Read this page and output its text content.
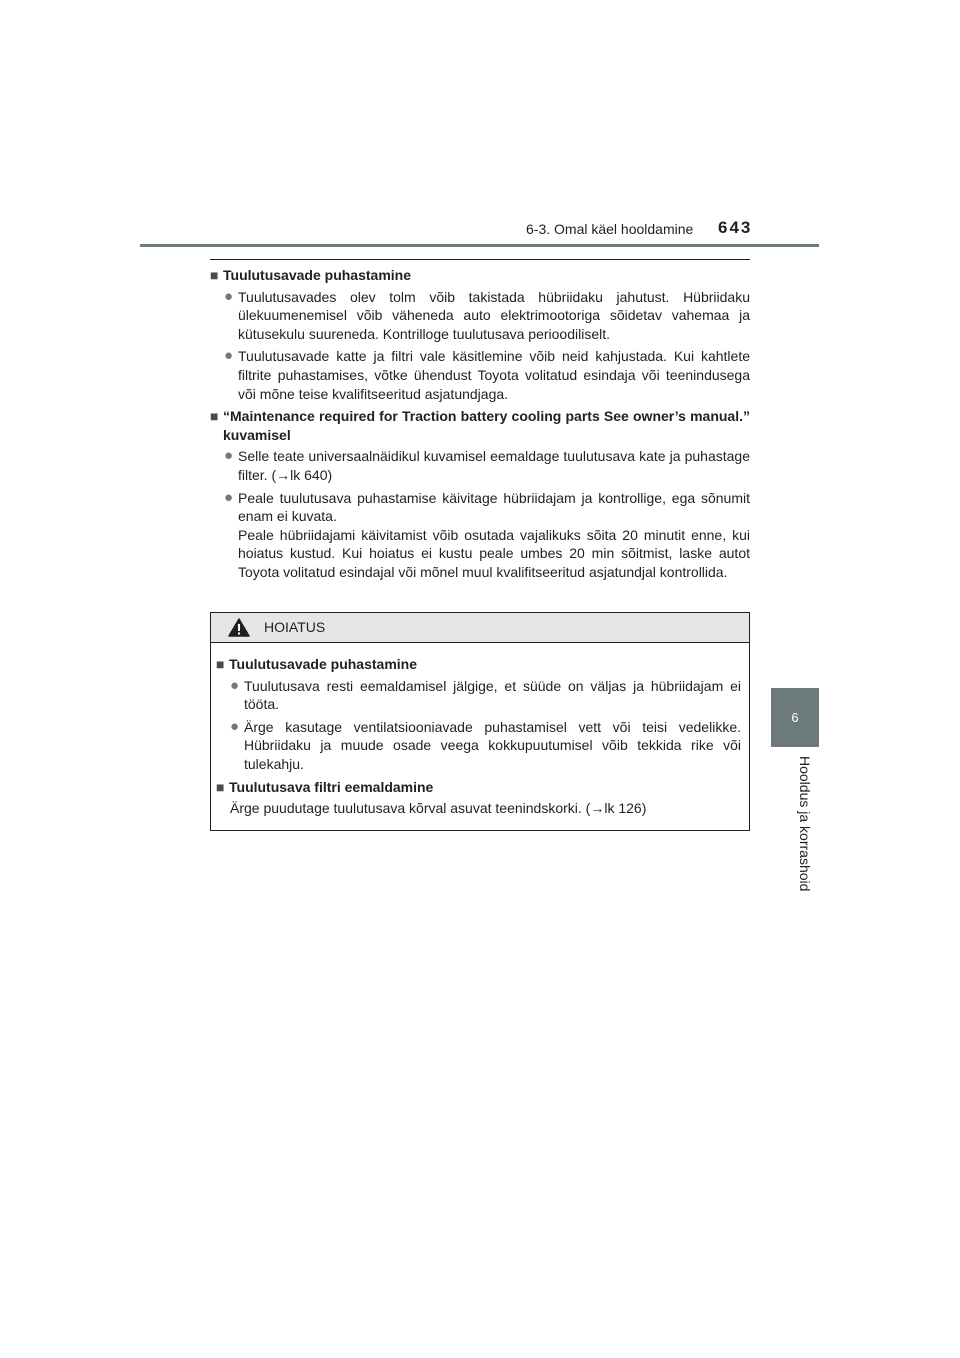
6-3. Omal käel hooldamine 643
6
Hooldus ja korrashoid
■ Tuulutusavade puhastamine
● Tuulutusavades olev tolm võib takistada hübriidaku jahutust. Hübriidaku ülekuumenemisel võib väheneda auto elektrimootoriga sõidetav vahemaa ja kütusekulu suureneda. Kontrilloge tuulutusava perioodiliselt.

● Tuulutusavade katte ja filtri vale käsitlemine võib neid kahjustada. Kui kahtlete filtrite puhastamises, võtke ühendust Toyota volitatud esindaja või teenindusega või mõne teise kvalifitseeritud asjatundjaga.

■ “Maintenance required for Traction battery cooling parts See owner’s manual.” kuvamisel
● Selle teate universaalnäidikul kuvamisel eemaldage tuulutusava kate ja puhastage filter. (→lk 640)

● Peale tuulutusava puhastamise käivitage hübriidajam ja kontrollige, ega sõnumit enam ei kuvata.

Peale hübriidajami käivitamist võib osutada vajalikuks sõita 20 minutit enne, kui hoiatus kustud. Kui hoiatus ei kustu peale umbes 20 min sõitmist, laske autot Toyota volitatud esindajal või mõnel muul kvalifitseeritud asjatundjal kontrollida.

HOIATUS
■ Tuulutusavade puhastamine
● Tuulutusava resti eemaldamisel jälgige, et süüde on väljas ja hübriidajam ei tööta.

● Ärge kasutage ventilatsiooniavade puhastamisel vett või teisi vedelikke. Hübriidaku ja muude osade veega kokkupuutumisel võib tekkida rike või tulekahju.

■ Tuulutusava filtri eemaldamine
Ärge puudutage tuulutusava kõrval asuvat teenindskorki. (→lk 126)
